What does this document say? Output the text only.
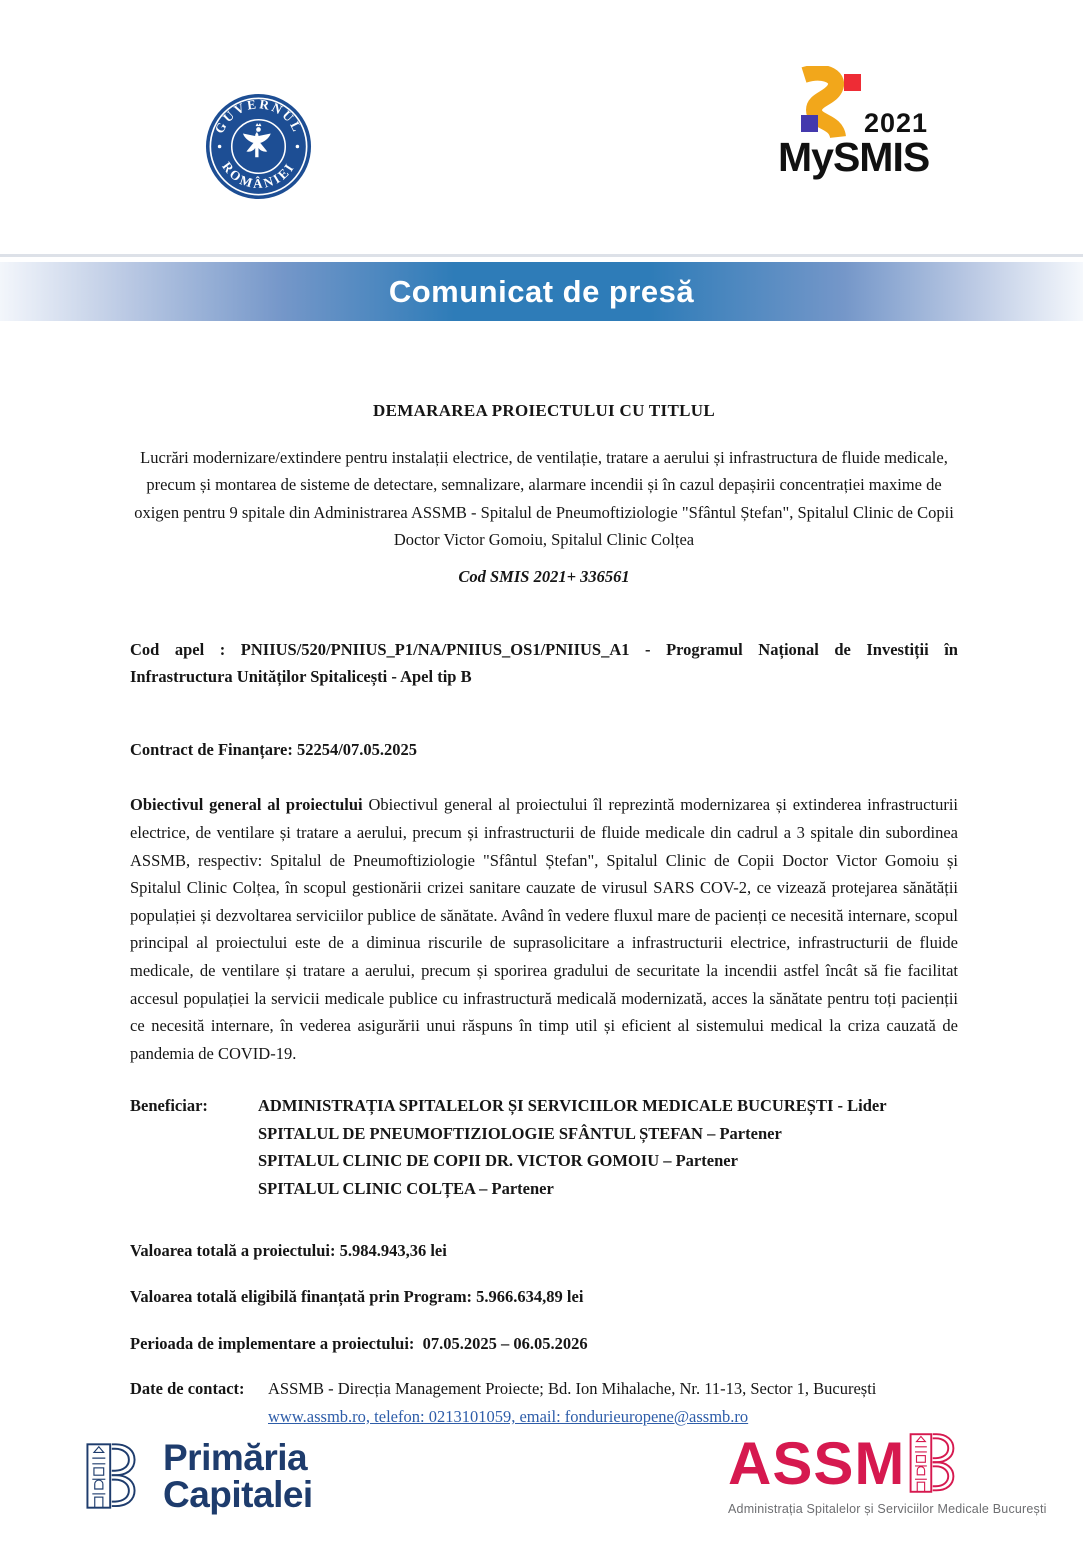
GUVERNUL
ROMÂNIEI
2021
MySMIS
Comunicat de presă
DEMARAREA PROIECTULUI CU TITLUL

Lucrări modernizare/extindere pentru instalații electrice, de ventilație, tratare a aerului și infrastructura de fluide medicale, precum și montarea de sisteme de detectare, semnalizare, alarmare incendii și în cazul depașirii concentrației maxime de oxigen pentru 9 spitale din Administrarea ASSMB - Spitalul de Pneumoftiziologie "Sfântul Ștefan", Spitalul Clinic de Copii Doctor Victor Gomoiu, Spitalul Clinic Colțea

Cod SMIS 2021+ 336561

Cod apel : PNIIUS/520/PNIIUS_P1/NA/PNIIUS_OS1/PNIIUS_A1 - Programul Național de Investiții în Infrastructura Unităților Spitalicești - Apel tip B

Contract de Finanțare: 52254/07.05.2025

Obiectivul general al proiectului Obiectivul general al proiectului îl reprezintă modernizarea și extinderea infrastructurii electrice, de ventilare și tratare a aerului, precum și infrastructurii de fluide medicale din cadrul a 3 spitale din subordinea ASSMB, respectiv: Spitalul de Pneumoftiziologie "Sfântul Ștefan", Spitalul Clinic de Copii Doctor Victor Gomoiu și Spitalul Clinic Colțea, în scopul gestionării crizei sanitare cauzate de virusul SARS COV-2, ce vizează protejarea sănătății populației și dezvoltarea serviciilor publice de sănătate. Având în vedere fluxul mare de pacienți ce necesită internare, scopul principal al proiectului este de a diminua riscurile de suprasolicitare a infrastructurii electrice, infrastructurii de fluide medicale, de ventilare și tratare a aerului, precum și sporirea gradului de securitate la incendii astfel încât să fie facilitat accesul populației la servicii medicale publice cu infrastructură medicală modernizată, acces la sănătate pentru toți pacienții ce necesită internare, în vederea asigurării unui răspuns în timp util și eficient al sistemului medical la criza cauzată de pandemia de COVID-19.

Beneficiar:	ADMINISTRAȚIA SPITALELOR ȘI SERVICIILOR MEDICALE BUCUREȘTI - Lider
SPITALUL DE PNEUMOFTIZIOLOGIE SFÂNTUL ȘTEFAN – Partener
SPITALUL CLINIC DE COPII DR. VICTOR GOMOIU – Partener
SPITALUL CLINIC COLȚEA – Partener
Valoarea totală a proiectului: 5.984.943,36 lei
Valoarea totală eligibilă finanțată prin Program: 5.966.634,89 lei
Perioada de implementare a proiectului:  07.05.2025 – 06.05.2026
Date de contact:	ASSMB - Direcția Management Proiecte; Bd. Ion Mihalache, Nr. 11-13, Sector 1, București
www.assmb.ro, telefon: 0213101059, email: fondurieuropene@assmb.ro
Primăria
Capitalei	ASSM
Administrația Spitalelor și Serviciilor Medicale București
